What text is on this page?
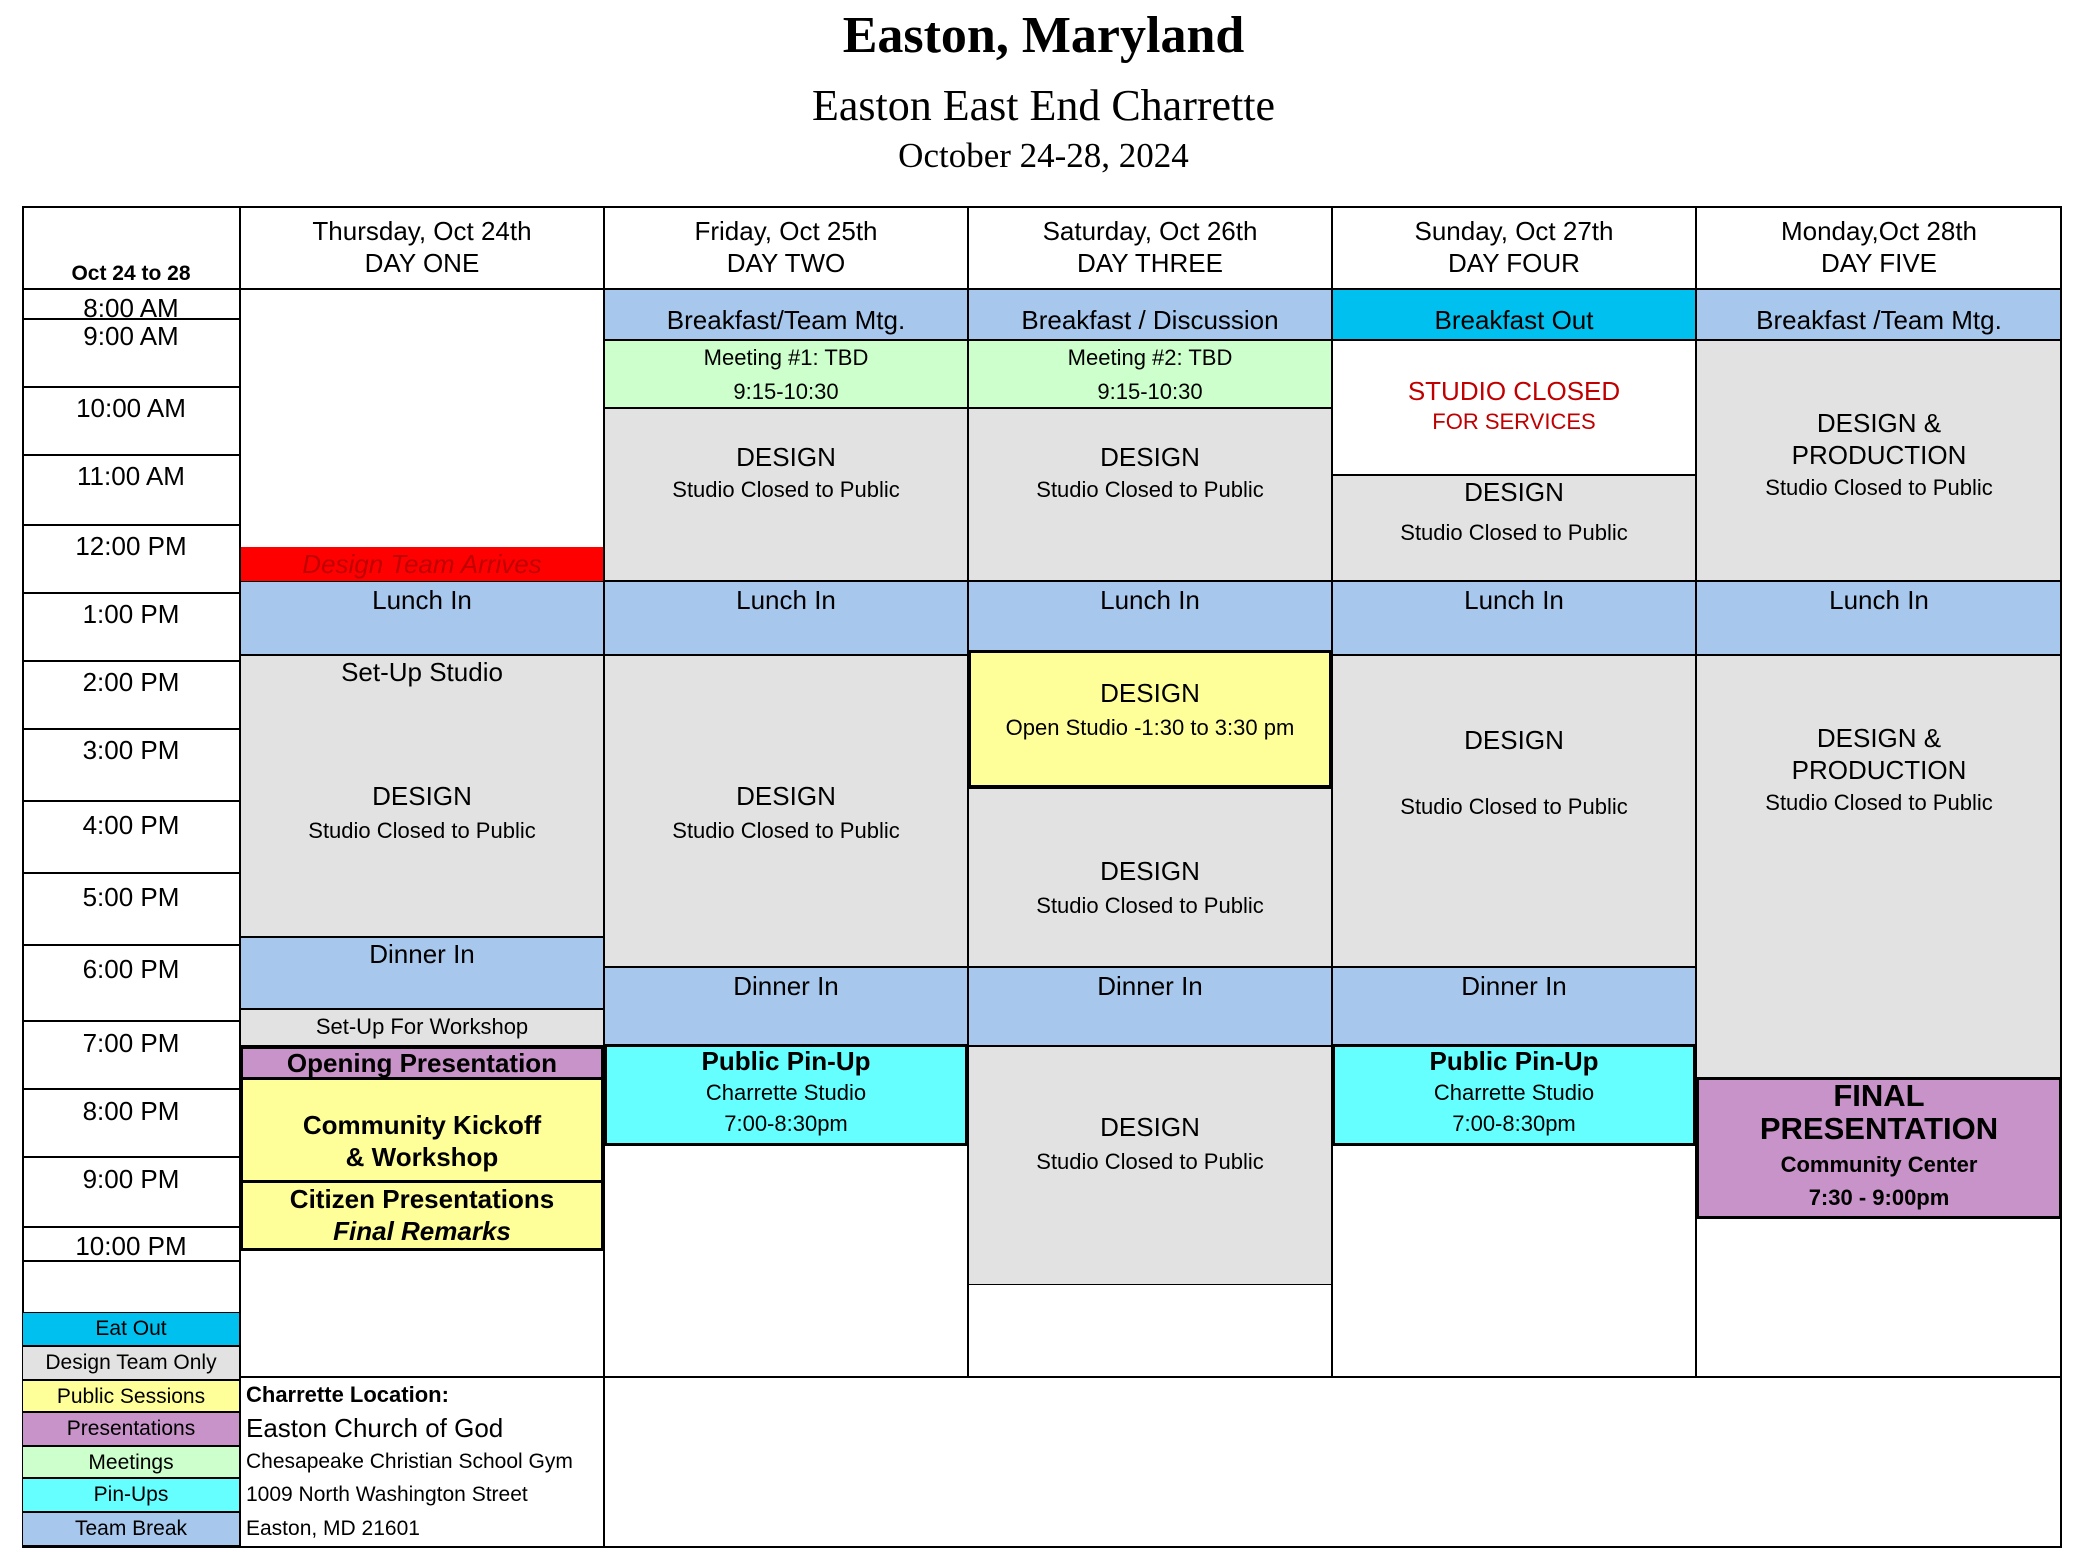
Easton, Maryland
Easton East End Charrette
October 24-28, 2024
Design Team Arrives
Lunch In
Set-Up Studio
DESIGN
Studio Closed to Public
Dinner In
Set-Up For Workshop
Opening Presentation
Community Kickoff
& Workshop
Citizen Presentations
Final Remarks
Breakfast/Team Mtg.
Meeting #1: TBD
9:15-10:30
DESIGN
Studio Closed to Public
Lunch In
DESIGN
Studio Closed to Public
Dinner In
Public Pin-Up
Charrette Studio
7:00-8:30pm
Breakfast / Discussion
Meeting #2: TBD
9:15-10:30
DESIGN
Studio Closed to Public
Lunch In
DESIGN
Open Studio -1:30 to 3:30 pm
DESIGN
Studio Closed to Public
Dinner In
DESIGN
Studio Closed to Public
Breakfast Out
STUDIO CLOSED
FOR SERVICES
DESIGN
Studio Closed to Public
Lunch In
DESIGN
Studio Closed to Public
Dinner In
Public Pin-Up
Charrette Studio
7:00-8:30pm
Breakfast /Team Mtg.
DESIGN &
PRODUCTION
Studio Closed to Public
Lunch In
DESIGN &
PRODUCTION
Studio Closed to Public
FINAL
PRESENTATION
Community Center
7:30 - 9:00pm
8:00 AM
9:00 AM
10:00 AM
11:00 AM
12:00 PM
1:00 PM
2:00 PM
3:00 PM
4:00 PM
5:00 PM
6:00 PM
7:00 PM
8:00 PM
9:00 PM
10:00 PM
Oct 24 to 28
Thursday, Oct 24th
DAY ONE
Friday, Oct 25th
DAY TWO
Saturday, Oct 26th
DAY THREE
Sunday, Oct 27th
DAY FOUR
Monday,Oct 28th
DAY FIVE
Eat Out
Design Team Only
Public Sessions
Presentations
Meetings
Pin-Ups
Team Break
Charrette Location:
Easton Church of God
Chesapeake Christian School Gym
1009 North Washington Street
Easton, MD 21601
